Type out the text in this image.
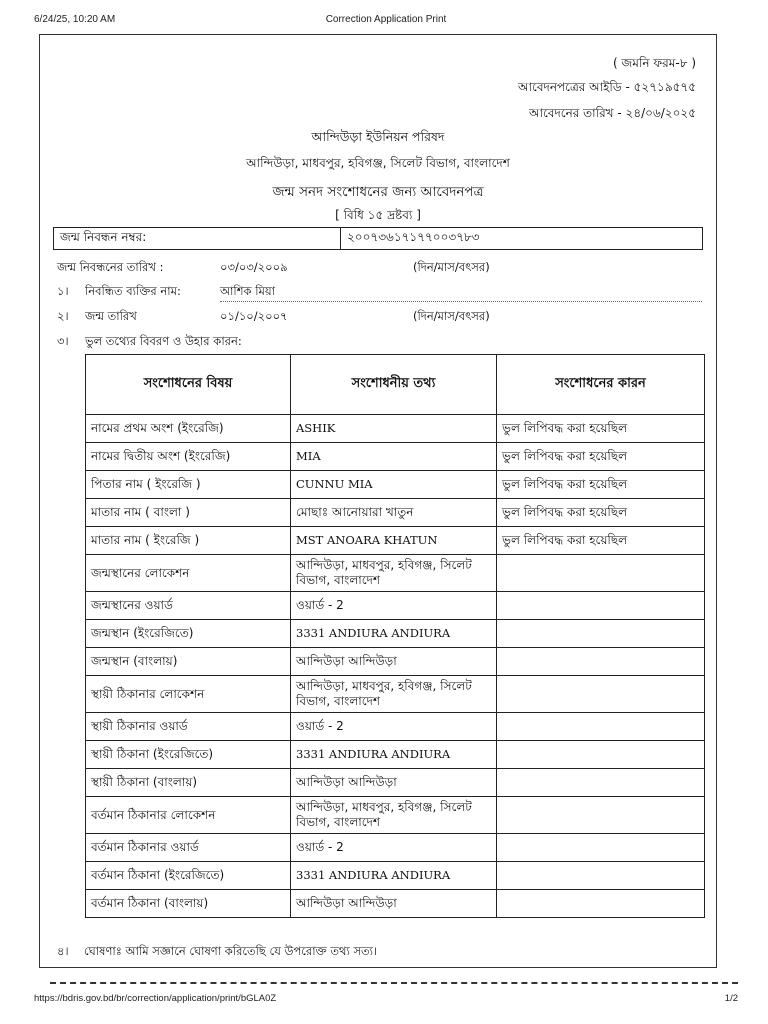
6/24/25, 10:20 AM	Correction Application Print
( জমনি ফরম-৮ )
আবেদনপত্রের আইডি - ৫২৭১৯৫৭৫
আবেদনের তারিখ - ২৪/০৬/২০২৫
আন্দিউড়া ইউনিয়ন পরিষদ
আন্দিউড়া, মাধবপুর, হবিগঞ্জ, সিলেট বিভাগ, বাংলাদেশ
জন্ম সনদ সংশোধনের জন্য আবেদনপত্র
[ বিধি ১৫ দ্রষ্টব্য ]
জন্ম নিবন্ধন নম্বর:	২০০৭৩৬১৭১৭৭০০৩৭৮৩
জন্ম নিবন্ধনের তারিখ :	০৩/০৩/২০০৯	(দিন/মাস/বৎসর)
১। নিবন্ধিত ব্যক্তির নাম:	আশিক মিয়া
২। জন্ম তারিখ	০১/১০/২০০৭	(দিন/মাস/বৎসর)
৩। ভুল তথ্যের বিবরণ ও উহার কারন:
সংশোধনের বিষয়	সংশোধনীয় তথ্য	সংশোধনের কারন
নামের প্রথম অংশ (ইংরেজি)	ASHIK	ভুল লিপিবদ্ধ করা হয়েছিল
নামের দ্বিতীয় অংশ (ইংরেজি)	MIA	ভুল লিপিবদ্ধ করা হয়েছিল
পিতার নাম ( ইংরেজি )	CUNNU MIA	ভুল লিপিবদ্ধ করা হয়েছিল
মাতার নাম ( বাংলা )	মোছাঃ আনোয়ারা খাতুন	ভুল লিপিবদ্ধ করা হয়েছিল
মাতার নাম ( ইংরেজি )	MST ANOARA KHATUN	ভুল লিপিবদ্ধ করা হয়েছিল
জন্মস্থানের লোকেশন	আন্দিউড়া, মাধবপুর, হবিগঞ্জ, সিলেট বিভাগ, বাংলাদেশ	
জন্মস্থানের ওয়ার্ড	ওয়ার্ড - 2	
জন্মস্থান (ইংরেজিতে)	3331 ANDIURA ANDIURA	
জন্মস্থান (বাংলায়)	আন্দিউড়া আন্দিউড়া	
স্থায়ী ঠিকানার লোকেশন	আন্দিউড়া, মাধবপুর, হবিগঞ্জ, সিলেট বিভাগ, বাংলাদেশ	
স্থায়ী ঠিকানার ওয়ার্ড	ওয়ার্ড - 2	
স্থায়ী ঠিকানা (ইংরেজিতে)	3331 ANDIURA ANDIURA	
স্থায়ী ঠিকানা (বাংলায়)	আন্দিউড়া আন্দিউড়া	
বর্তমান ঠিকানার লোকেশন	আন্দিউড়া, মাধবপুর, হবিগঞ্জ, সিলেট বিভাগ, বাংলাদেশ	
বর্তমান ঠিকানার ওয়ার্ড	ওয়ার্ড - 2	
বর্তমান ঠিকানা (ইংরেজিতে)	3331 ANDIURA ANDIURA	
বর্তমান ঠিকানা (বাংলায়)	আন্দিউড়া আন্দিউড়া	
৪। ঘোষণাঃ আমি সজ্ঞানে ঘোষণা করিতেছি যে উপরোক্ত তথ্য সত্য।
https://bdris.gov.bd/br/correction/application/print/bGLA0Z	1/2
